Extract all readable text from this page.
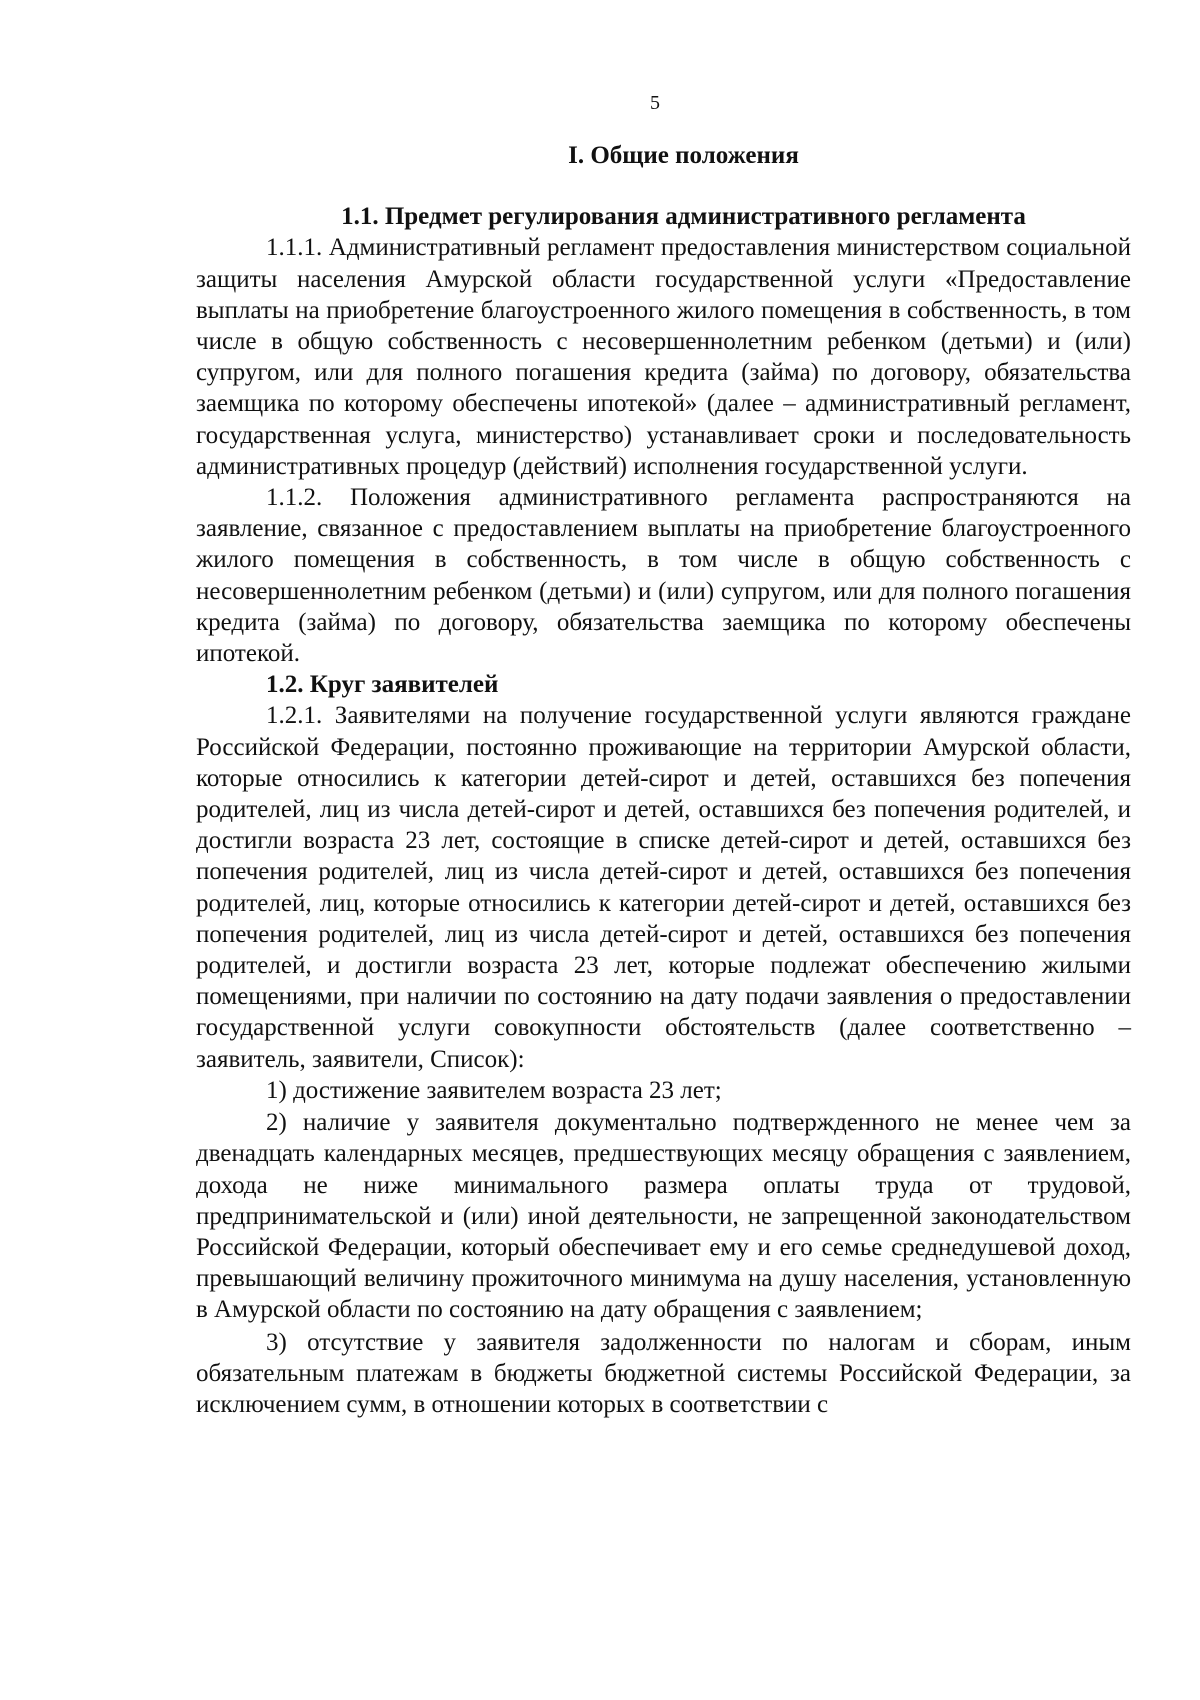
5
I. Общие положения
1.1. Предмет регулирования административного регламента

1.1.1. Административный регламент предоставления министерством социальной защиты населения Амурской области государственной услуги «Предоставление выплаты на приобретение благоустроенного жилого помещения в собственность, в том числе в общую собственность с несовершеннолетним ребенком (детьми) и (или) супругом, или для полного погашения кредита (займа) по договору, обязательства заемщика по которому обеспечены ипотекой» (далее – административный регламент, государственная услуга, министерство) устанавливает сроки и последовательность административных процедур (действий) исполнения государственной услуги.

1.1.2. Положения административного регламента распространяются на заявление, связанное с предоставлением выплаты на приобретение благоустроенного жилого помещения в собственность, в том числе в общую собственность с несовершеннолетним ребенком (детьми) и (или) супругом, или для полного погашения кредита (займа) по договору, обязательства заемщика по которому обеспечены ипотекой.

1.2. Круг заявителей

1.2.1. Заявителями на получение государственной услуги являются граждане Российской Федерации, постоянно проживающие на территории Амурской области, которые относились к категории детей-сирот и детей, оставшихся без попечения родителей, лиц из числа детей-сирот и детей, оставшихся без попечения родителей, и достигли возраста 23 лет, состоящие в списке детей-сирот и детей, оставшихся без попечения родителей, лиц из числа детей-сирот и детей, оставшихся без попечения родителей, лиц, которые относились к категории детей-сирот и детей, оставшихся без попечения родителей, лиц из числа детей-сирот и детей, оставшихся без попечения родителей, и достигли возраста 23 лет, которые подлежат обеспечению жилыми помещениями, при наличии по состоянию на дату подачи заявления о предоставлении государственной услуги совокупности обстоятельств (далее соответственно – заявитель, заявители, Список):

1) достижение заявителем возраста 23 лет;

2) наличие у заявителя документально подтвержденного не менее чем за двенадцать календарных месяцев, предшествующих месяцу обращения с заявлением, дохода не ниже минимального размера оплаты труда от трудовой, предпринимательской и (или) иной деятельности, не запрещенной законодательством Российской Федерации, который обеспечивает ему и его семье среднедушевой доход, превышающий величину прожиточного минимума на душу населения, установленную в Амурской области по состоянию на дату обращения с заявлением;

3) отсутствие у заявителя задолженности по налогам и сборам, иным обязательным платежам в бюджеты бюджетной системы Российской Федерации, за исключением сумм, в отношении которых в соответствии с
